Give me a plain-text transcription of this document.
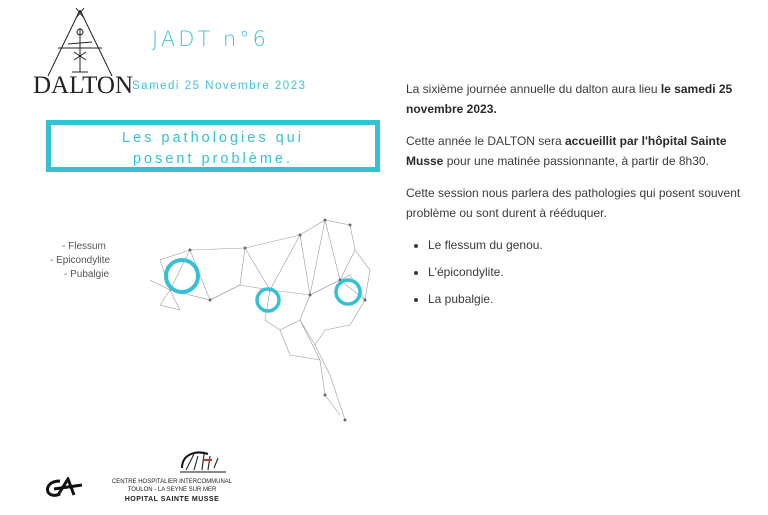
DALTON
JADT n°6
Samedi 25 Novembre 2023
Les pathologies qui
posent problème.
- Flessum
- Epicondylite
- Pubalgie

La sixième journée annuelle du dalton aura lieu le samedi 25 novembre 2023.

Cette année le DALTON sera accueillit par l'hôpital Sainte Musse pour une matinée passionnante, à partir de 8h30.

Cette session nous parlera des pathologies qui posent souvent problème ou sont durent à rééduquer.

• Le flessum du genou.
• L'épicondylite.
• La pubalgie.
CENTRE HOSPITALIER INTERCOMMUNAL
TOULON - LA SEYNE SUR MER
HOPITAL SAINTE MUSSE
